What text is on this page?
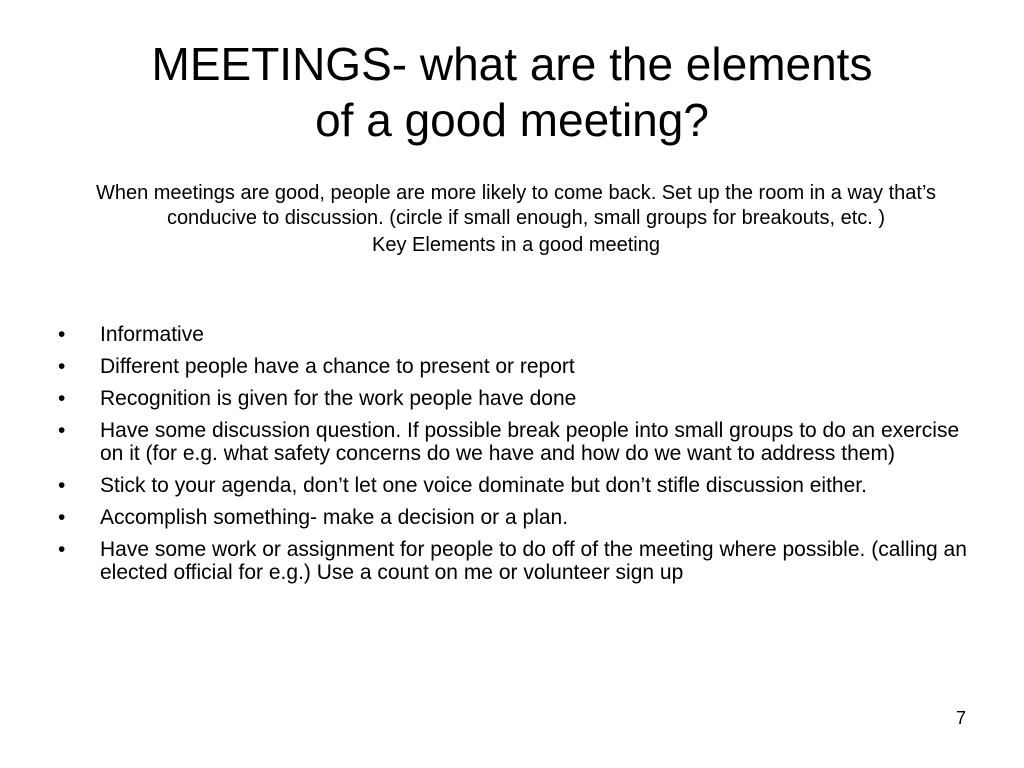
MEETINGS- what are the elements
of a good meeting?

When meetings are good, people are more likely to come back. Set up the room in a way that’s conducive to discussion. (circle if small enough, small groups for breakouts, etc. )

Key Elements in a good meeting

•	Informative
•	Different people have a chance to present or report
•	Recognition is given for the work people have done
•	Have some discussion question. If possible break people into small groups to do an exercise on it (for e.g. what safety concerns do we have and how do we want to address them)
•	Stick to your agenda, don’t let one voice dominate but don’t stifle discussion either.
•	Accomplish something- make a decision or a plan.
•	Have some work or assignment for people to do off of the meeting where possible. (calling an elected official for e.g.) Use a count on me or volunteer sign up
7
